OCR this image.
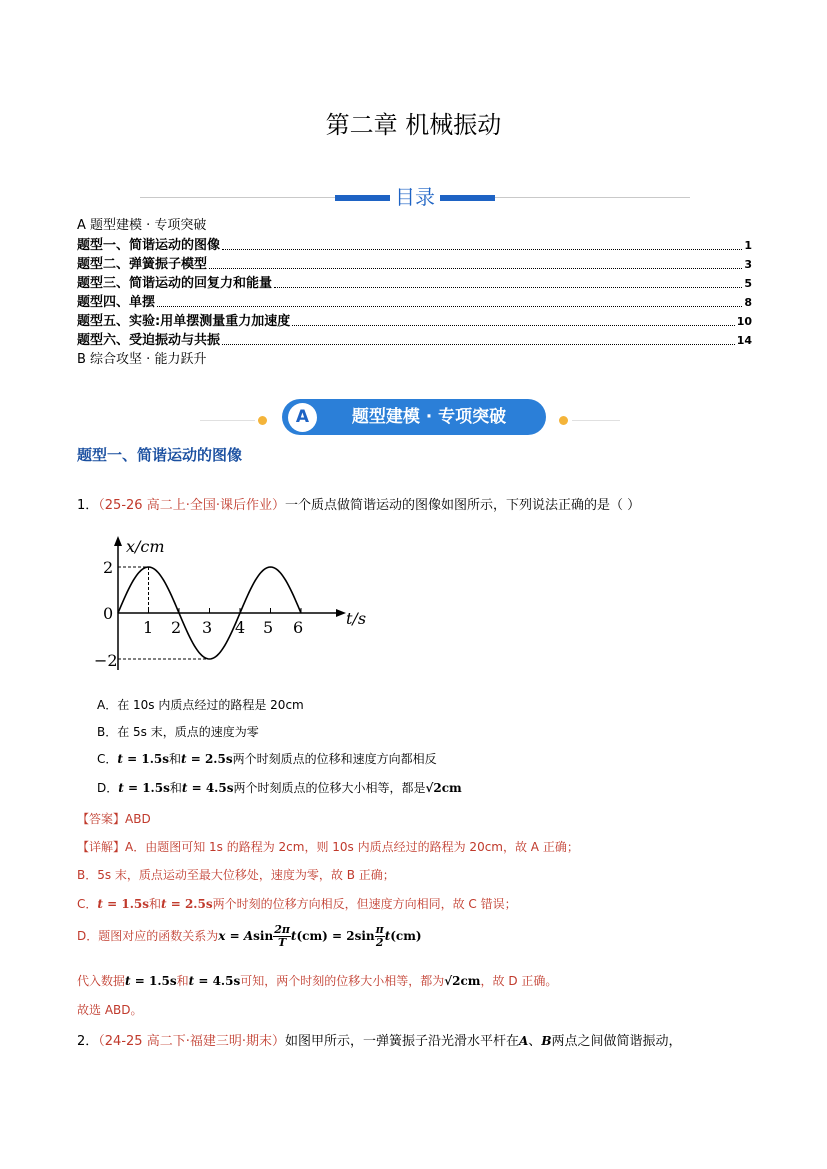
第二章 机械振动
目录
A 题型建模 · 专项突破
题型一、简谐运动的图像	1
题型二、弹簧振子模型	3
题型三、简谐运动的回复力和能量	5
题型四、单摆	8
题型五、实验:用单摆测量重力加速度	10
题型六、受迫振动与共振	14
B 综合攻坚 · 能力跃升
A	题型建模 · 专项突破
题型一、简谐运动的图像
1．（25-26 高二上·全国·课后作业）一个质点做简谐运动的图像如图所示，下列说法正确的是（ ）
x/cm
t/s
2
0
−2
1 2 3 4 5 6
A．在 10s 内质点经过的路程是 20cm
B．在 5s 末，质点的速度为零
C．t = 1.5s和t = 2.5s两个时刻质点的位移和速度方向都相反
D．t = 1.5s和t = 4.5s两个时刻质点的位移大小相等，都是√2cm
【答案】ABD
【详解】A．由题图可知 1s 的路程为 2cm，则 10s 内质点经过的路程为 20cm，故 A 正确；
B．5s 末，质点运动至最大位移处，速度为零，故 B 正确；
C．t = 1.5s和t = 2.5s两个时刻的位移方向相反，但速度方向相同，故 C 错误；
D．题图对应的函数关系为x = Asin $\frac{2\pi}{T} t(cm) = 2\sin \frac{\pi}{2} t(cm)$
代入数据t = 1.5s和t = 4.5s可知，两个时刻的位移大小相等，都为√2cm，故 D 正确。
故选 ABD。
2．（24-25 高二下·福建三明·期末）如图甲所示，一弹簧振子沿光滑水平杆在A、B两点之间做简谐振动，
